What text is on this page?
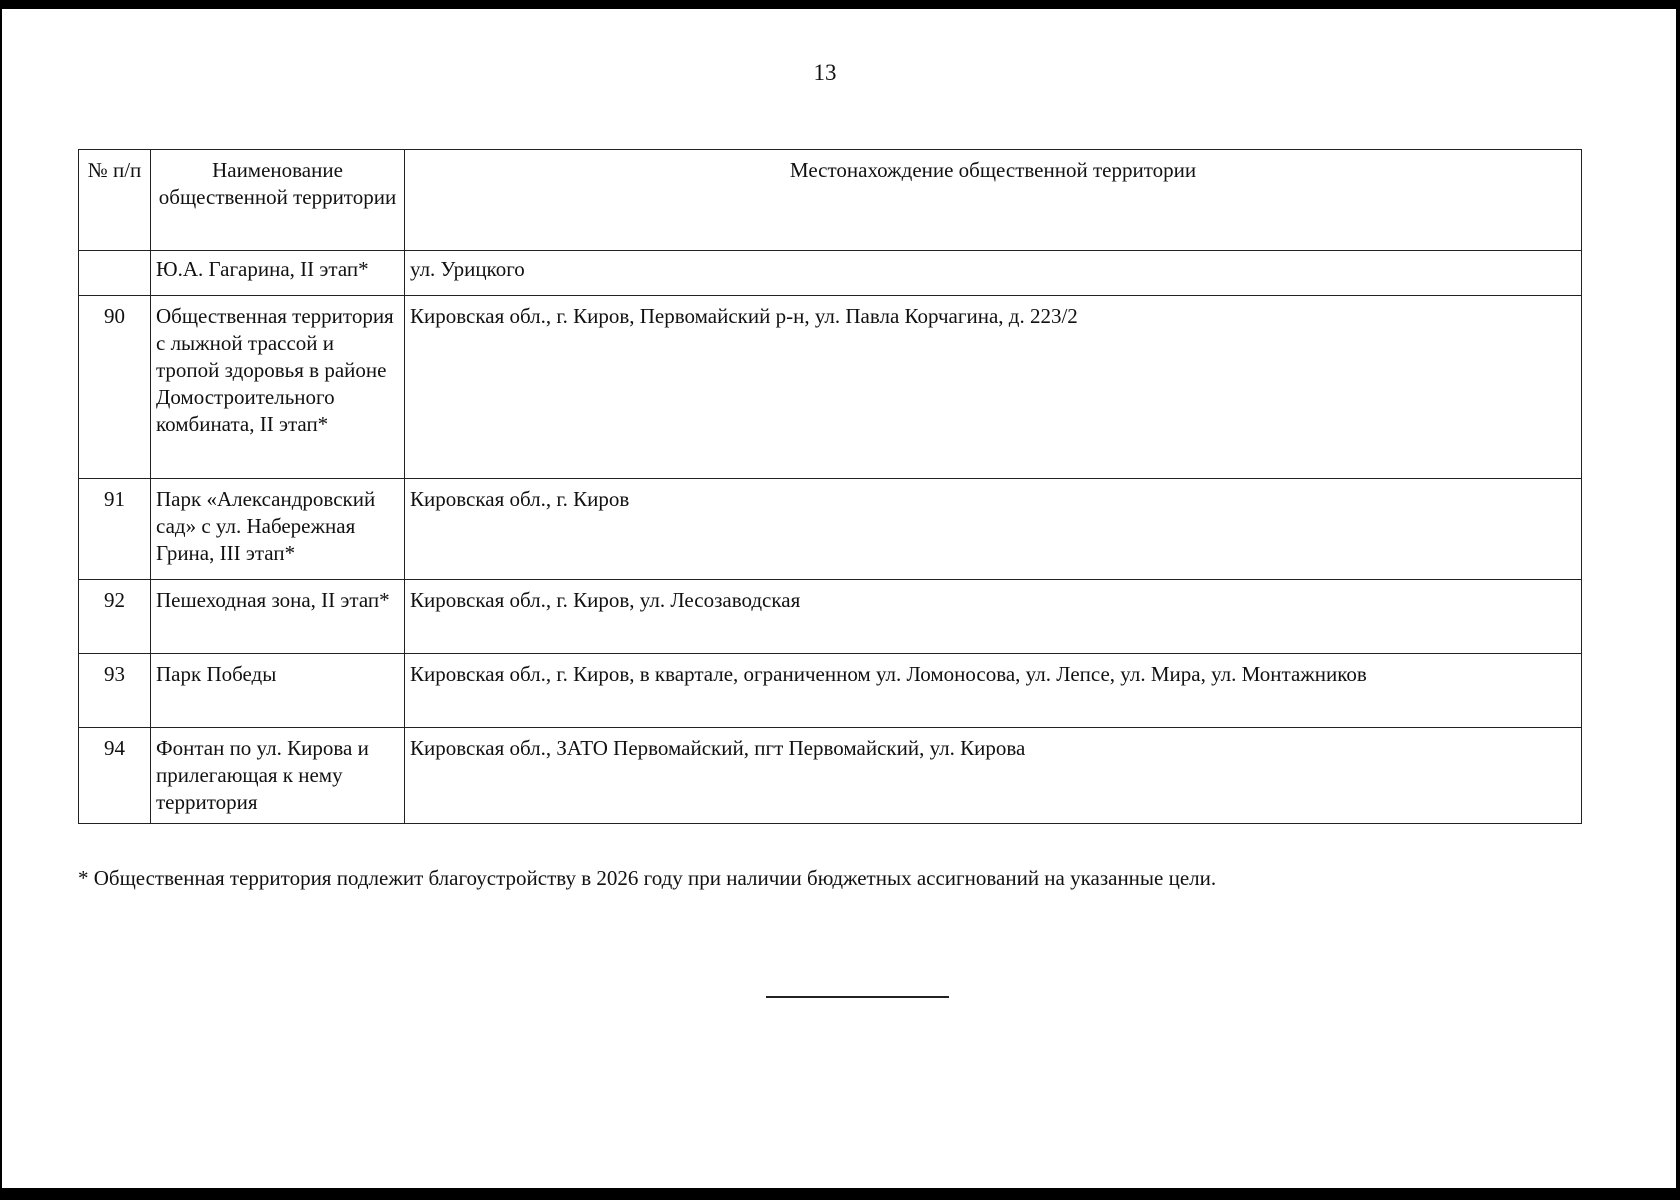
13
№ п/п	Наименование общественной территории	Местонахождение общественной территории
	Ю.А. Гагарина, II этап*	ул. Урицкого
90	Общественная территория с лыжной трассой и тропой здоровья в районе Домостроительного комбината, II этап*	Кировская обл., г. Киров, Первомайский р-н, ул. Павла Корчагина, д. 223/2
91	Парк «Александровский сад» с ул. Набережная Грина, III этап*	Кировская обл., г. Киров
92	Пешеходная зона, II этап*	Кировская обл., г. Киров, ул. Лесозаводская
93	Парк Победы	Кировская обл., г. Киров, в квартале, ограниченном ул. Ломоносова, ул. Лепсе, ул. Мира, ул. Монтажников
94	Фонтан по ул. Кирова и прилегающая к нему территория	Кировская обл., ЗАТО Первомайский, пгт Первомайский, ул. Кирова
* Общественная территория подлежит благоустройству в 2026 году при наличии бюджетных ассигнований на указанные цели.
